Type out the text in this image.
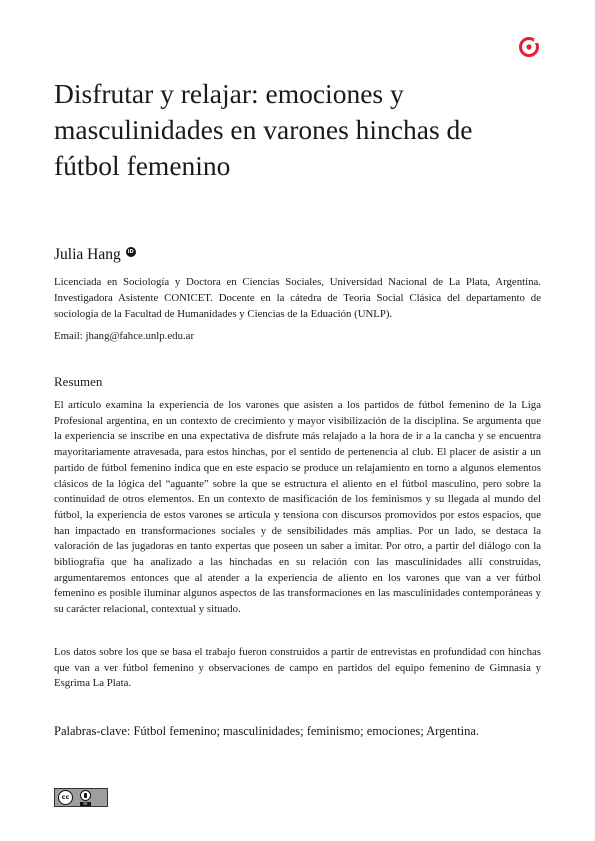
Disfrutar y relajar: emociones y
masculinidades en varones hinchas de
fútbol femenino
Julia Hang	iD

Licenciada en Sociología y Doctora en Ciencias Sociales, Universidad Nacional de La Plata, Argentina. Investigadora Asistente CONICET. Docente en la cátedra de Teoría Social Clásica del departamento de sociología de la Facultad de Humanidades y Ciencias de la Eduación (UNLP).

Email: jhang@fahce.unlp.edu.ar

Resumen

El artículo examina la experiencia de los varones que asisten a los partidos de fútbol femenino de la Liga Profesional argentina, en un contexto de crecimiento y mayor visibilización de la disciplina. Se argumenta que la experiencia se inscribe en una expectativa de disfrute más relajado a la hora de ir a la cancha y se encuentra mayoritariamente atravesada, para estos hinchas, por el sentido de pertenencia al club. El placer de asistir a un partido de fútbol femenino indica que en este espacio se produce un relajamiento en torno a algunos elementos clásicos de la lógica del “aguante” sobre la que se estructura el aliento en el fútbol masculino, pero sobre la continuidad de otros elementos. En un contexto de masificación de los feminismos y su llegada al mundo del fútbol, la experiencia de estos varones se articula y tensiona con discursos promovidos por estos espacios, que han impactado en transformaciones sociales y de sensibilidades más amplias. Por un lado, se destaca la valoración de las jugadoras en tanto expertas que poseen un saber a imitar. Por otro, a partir del diálogo con la bibliografía que ha analizado a las hinchadas en su relación con las masculinidades allí construidas, argumentaremos entonces que al atender a la experiencia de aliento en los varones que van a ver fútbol femenino es posible iluminar algunos aspectos de las transformaciones en las masculinidades contemporáneas y su carácter relacional, contextual y situado.

Los datos sobre los que se basa el trabajo fueron construidos a partir de entrevistas en profundidad con hinchas que van a ver fútbol femenino y observaciones de campo en partidos del equipo femenino de Gimnasia y Esgrima La Plata.

Palabras-clave: Fútbol femenino; masculinidades; feminismo; emociones; Argentina.

cc
BY
